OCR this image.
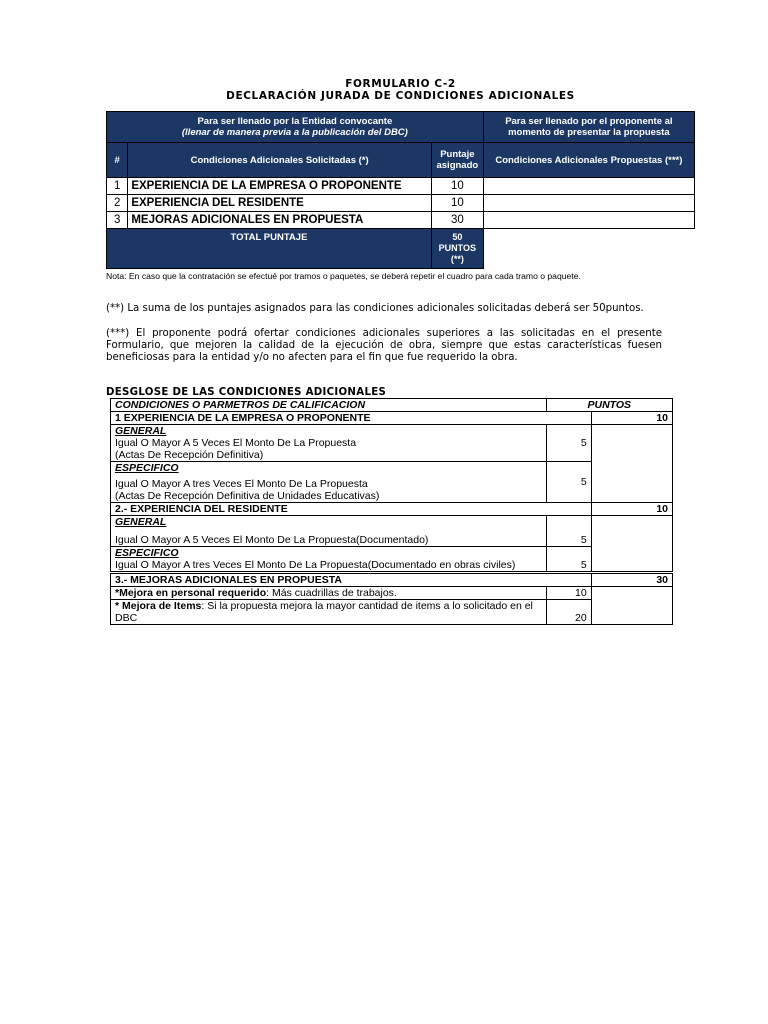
FORMULARIO C-2
DECLARACIÓN JURADA DE CONDICIONES ADICIONALES
Para ser llenado por la Entidad convocante
(llenar de manera previa a la publicación del DBC)			Para ser llenado por el proponente al momento de presentar la propuesta
#	Condiciones Adicionales Solicitadas (*)	Puntaje asignado	Condiciones Adicionales Propuestas (***)
1	EXPERIENCIA DE LA EMPRESA O PROPONENTE	10	
2	EXPERIENCIA DEL RESIDENTE	10	
3	MEJORAS ADICIONALES EN PROPUESTA	30	
TOTAL PUNTAJE		50 PUNTOS (**)	
Nota: En caso que la contratación se efectué por tramos o paquetes, se deberá repetir el cuadro para cada tramo o paquete.
(**) La suma de los puntajes asignados para las condiciones adicionales solicitadas deberá ser 50puntos.
(***) El proponente podrá ofertar condiciones adicionales superiores a las solicitadas en el presente Formulario, que mejoren la calidad de la ejecución de obra, siempre que estas características fuesen beneficiosas para la entidad y/o no afecten para el fin que fue requerido la obra.
DESGLOSE DE LAS CONDICIONES ADICIONALES
CONDICIONES O PARMETROS DE CALIFICACION	PUNTOS	
1 EXPERIENCIA DE LA EMPRESA O PROPONENTE		10

GENERAL
Igual O Mayor A 5 Veces El Monto De La Propuesta
(Actas De Recepción Definitiva)	5	

ESPECIFICO
Igual O Mayor A tres Veces El Monto De La Propuesta
(Actas De Recepción Definitiva de Unidades Educativas)	5	
2.- EXPERIENCIA DEL RESIDENTE		10

GENERAL
Igual O Mayor A 5 Veces El Monto De La Propuesta(Documentado)	5	

ESPECIFICO
Igual O Mayor A tres Veces El Monto De La Propuesta(Documentado en obras civiles)	5	
3.- MEJORAS ADICIONALES EN PROPUESTA		30
*Mejora en personal requerido: Más cuadrillas de trabajos.	10	
* Mejora de Items: Si la propuesta mejora la mayor cantidad de items a lo solicitado en el DBC	20	
